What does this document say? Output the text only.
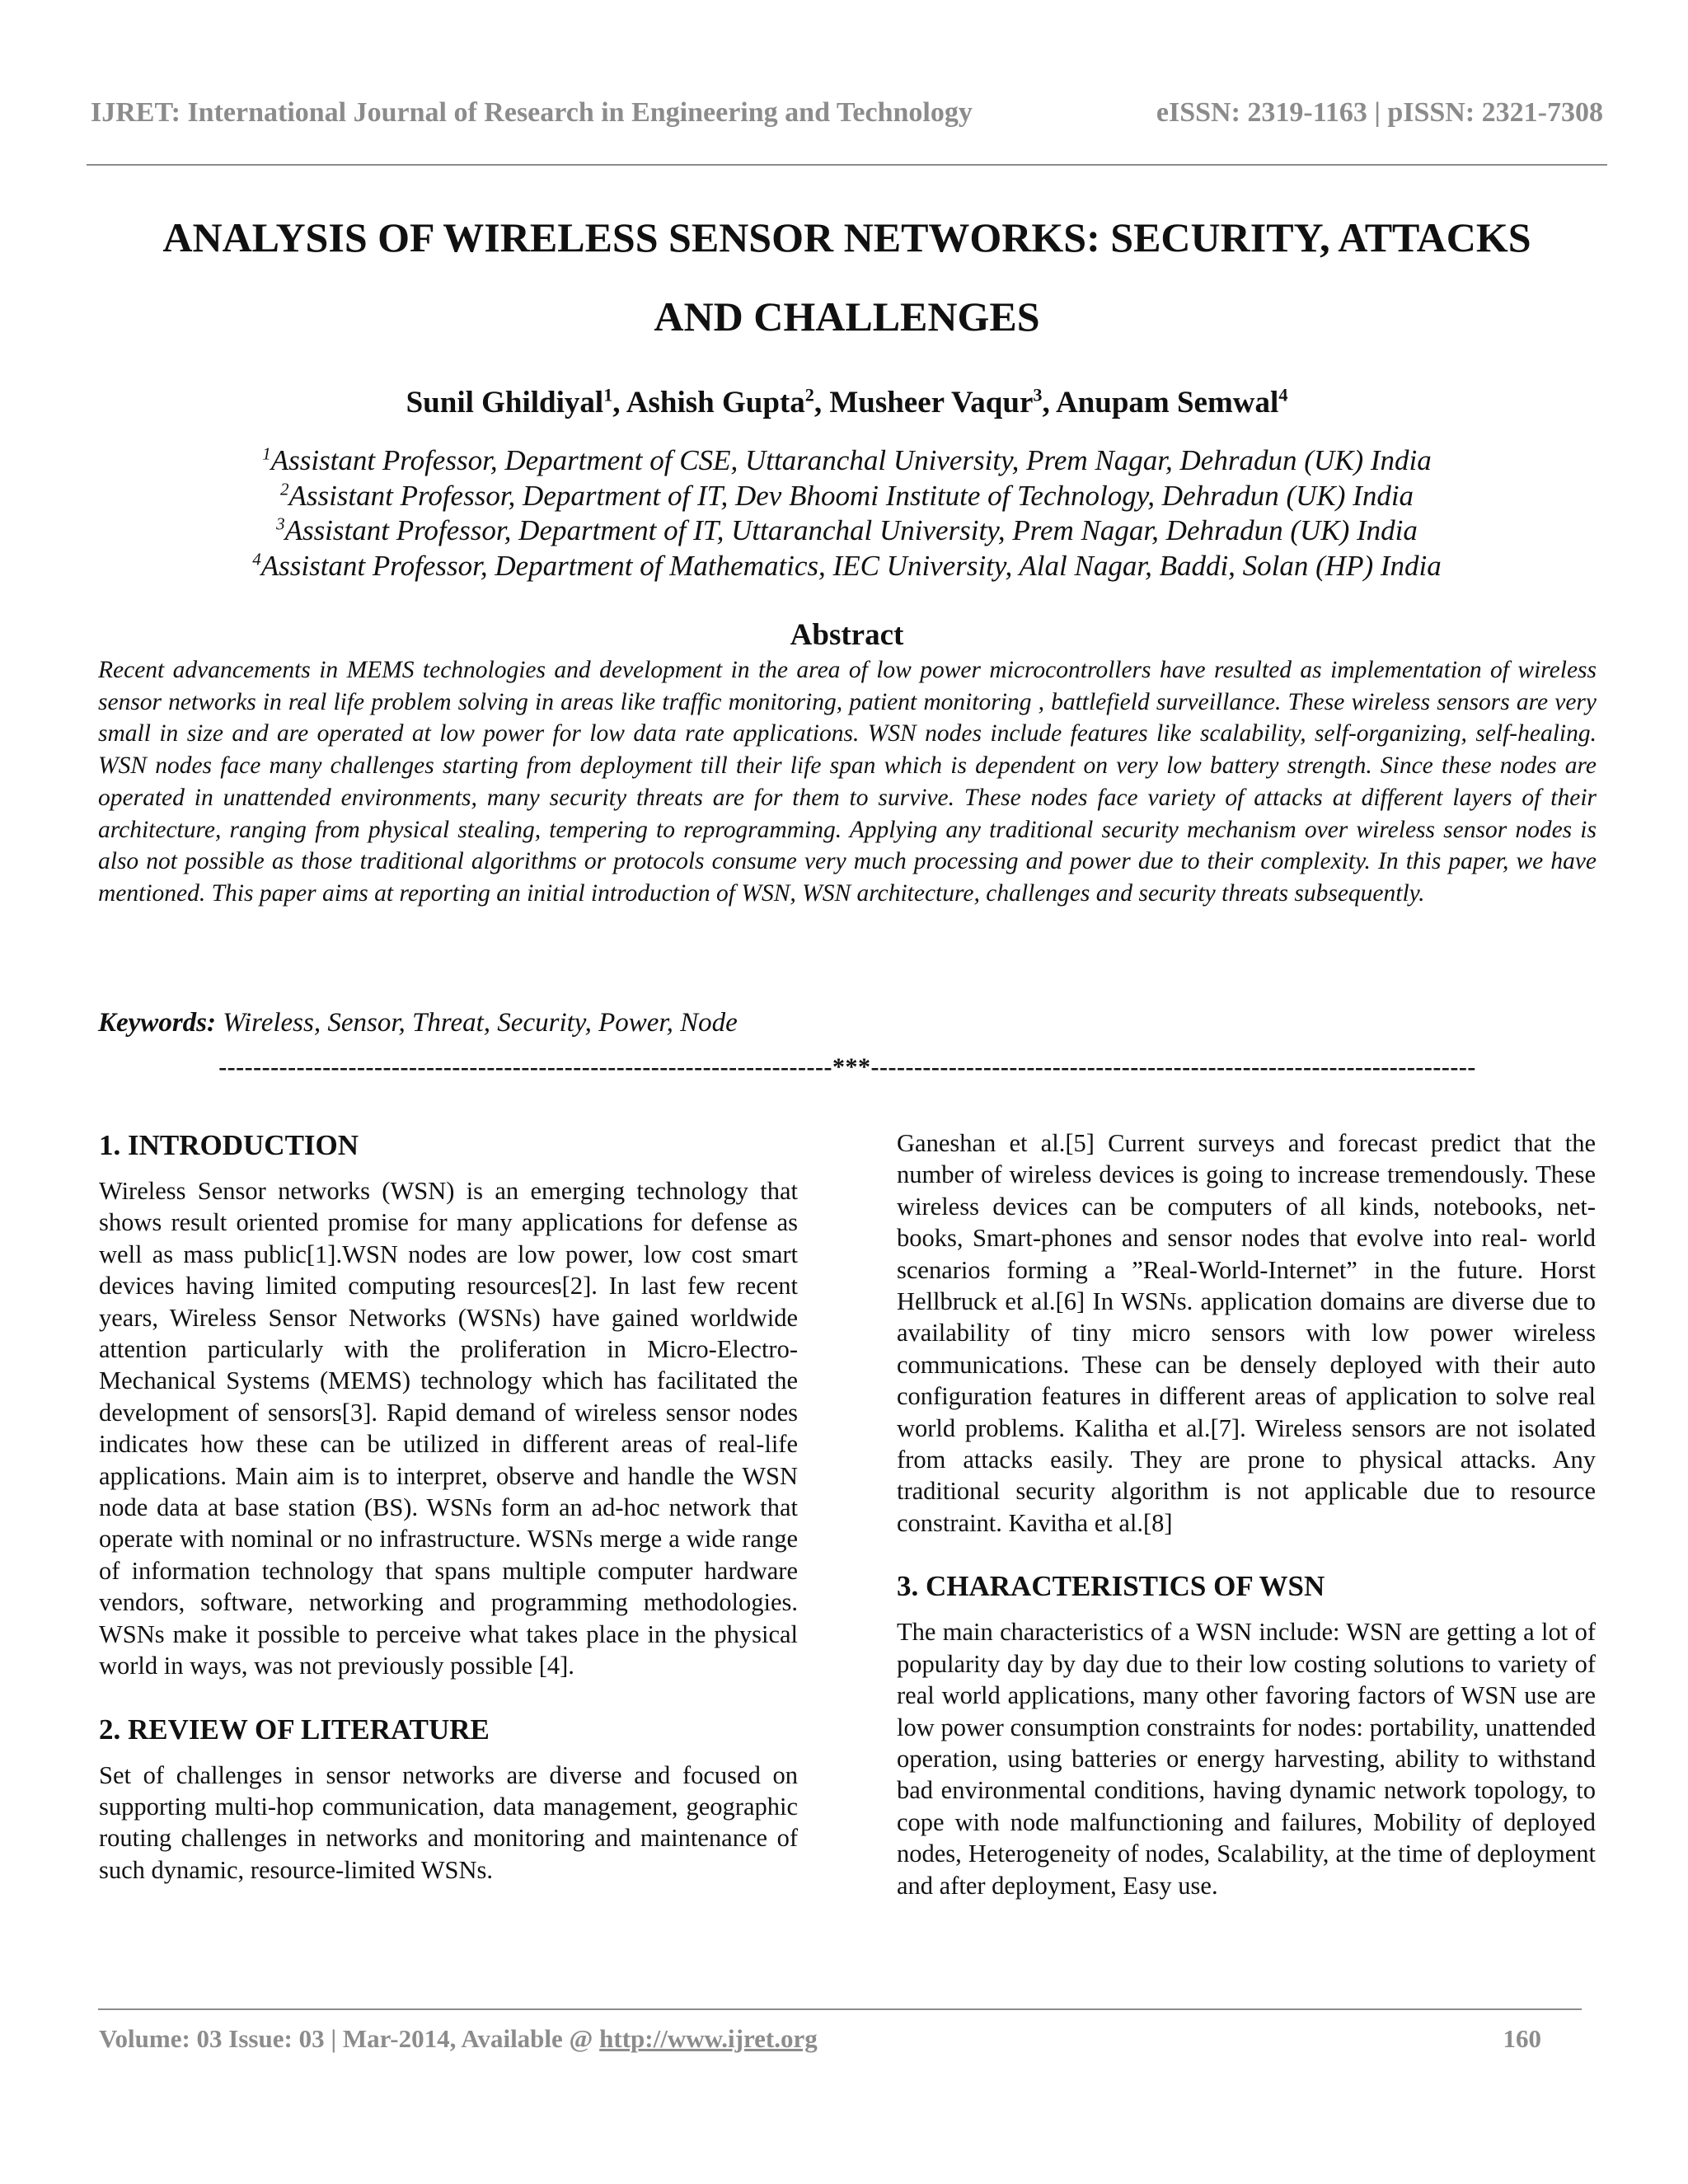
IJRET: International Journal of Research in Engineering and Technology	eISSN: 2319-1163 | pISSN: 2321-7308
ANALYSIS OF WIRELESS SENSOR NETWORKS: SECURITY, ATTACKS
AND CHALLENGES
Sunil Ghildiyal$^1$, Ashish Gupta$^2$, Musheer Vaqur$^3$, Anupam Semwal$^4$
$^1$Assistant Professor, Department of CSE, Uttaranchal University, Prem Nagar, Dehradun (UK) India
$^2$Assistant Professor, Department of IT, Dev Bhoomi Institute of Technology, Dehradun (UK) India
$^3$Assistant Professor, Department of IT, Uttaranchal University, Prem Nagar, Dehradun (UK) India
$^4$Assistant Professor, Department of Mathematics, IEC University, Alal Nagar, Baddi, Solan (HP) India
Abstract
Recent advancements in MEMS technologies and development in the area of low power microcontrollers have resulted as implementation of wireless sensor networks in real life problem solving in areas like traffic monitoring, patient monitoring , battlefield surveillance. These wireless sensors are very small in size and are operated at low power for low data rate applications. WSN nodes include features like scalability, self-organizing, self-healing. WSN nodes face many challenges starting from deployment till their life span which is dependent on very low battery strength. Since these nodes are operated in unattended environments, many security threats are for them to survive. These nodes face variety of attacks at different layers of their architecture, ranging from physical stealing, tempering to reprogramming. Applying any traditional security mechanism over wireless sensor nodes is also not possible as those traditional algorithms or protocols consume very much processing and power due to their complexity. In this paper, we have mentioned. This paper aims at reporting an initial introduction of WSN, WSN architecture, challenges and security threats subsequently.
Keywords: Wireless, Sensor, Threat, Security, Power, Node
-----------------------------------------------------------------------***----------------------------------------------------------------------
1. INTRODUCTION

Wireless Sensor networks (WSN) is an emerging technology that shows result oriented promise for many applications for defense as well as mass public[1].WSN nodes are low power, low cost smart devices having limited computing resources[2]. In last few recent years, Wireless Sensor Networks (WSNs) have gained worldwide attention particularly with the proliferation in Micro-Electro-Mechanical Systems (MEMS) technology which has facilitated the development of sensors[3]. Rapid demand of wireless sensor nodes indicates how these can be utilized in different areas of real-life applications. Main aim is to interpret, observe and handle the WSN node data at base station (BS). WSNs form an ad-hoc network that operate with nominal or no infrastructure. WSNs merge a wide range of information technology that spans multiple computer hardware vendors, software, networking and programming methodologies. WSNs make it possible to perceive what takes place in the physical world in ways, was not previously possible [4].

2. REVIEW OF LITERATURE

Set of challenges in sensor networks are diverse and focused on supporting multi-hop communication, data management, geographic routing challenges in networks and monitoring and maintenance of such dynamic, resource-limited WSNs.

Ganeshan et al.[5] Current surveys and forecast predict that the number of wireless devices is going to increase tremendously. These wireless devices can be computers of all kinds, notebooks, net-books, Smart-phones and sensor nodes that evolve into real- world scenarios forming a ”Real-World-Internet” in the future. Horst Hellbruck et al.[6] In WSNs. application domains are diverse due to availability of tiny micro sensors with low power wireless communications. These can be densely deployed with their auto configuration features in different areas of application to solve real world problems. Kalitha et al.[7]. Wireless sensors are not isolated from attacks easily. They are prone to physical attacks. Any traditional security algorithm is not applicable due to resource constraint. Kavitha et al.[8]

3. CHARACTERISTICS OF WSN

The main characteristics of a WSN include: WSN are getting a lot of popularity day by day due to their low costing solutions to variety of real world applications, many other favoring factors of WSN use are low power consumption constraints for nodes: portability, unattended operation, using batteries or energy harvesting, ability to withstand bad environmental conditions, having dynamic network topology, to cope with node malfunctioning and failures, Mobility of deployed nodes, Heterogeneity of nodes, Scalability, at the time of deployment and after deployment, Easy use.

Volume: 03 Issue: 03 | Mar-2014, Available @ http://www.ijret.org	160
